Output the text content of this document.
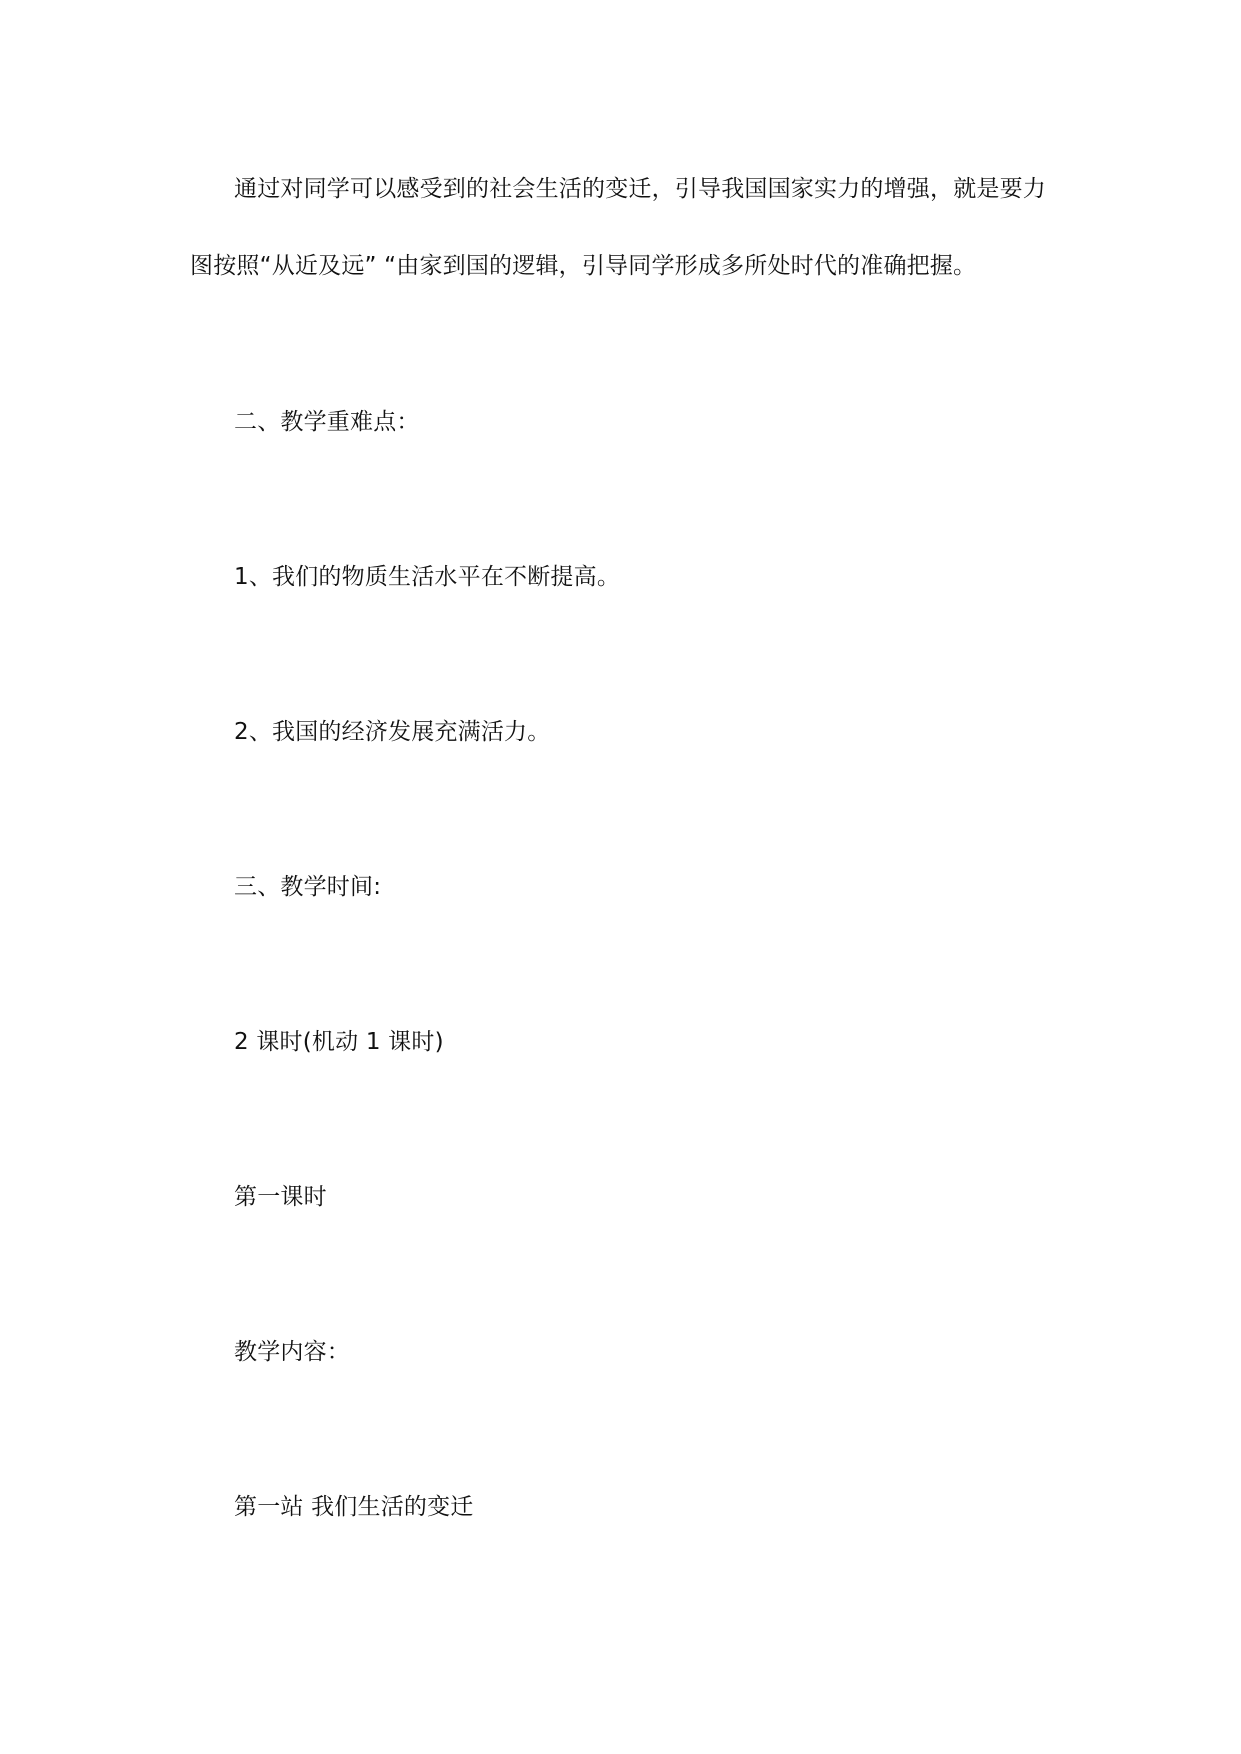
通过对同学可以感受到的社会生活的变迁，引导我国国家实力的增强，就是要力
图按照“从近及远” “由家到国的逻辑，引导同学形成多所处时代的准确把握。
二、教学重难点：
1、我们的物质生活水平在不断提高。
2、我国的经济发展充满活力。
三、教学时间:
2 课时(机动 1 课时)
第一课时
教学内容：
第一站 我们生活的变迁
